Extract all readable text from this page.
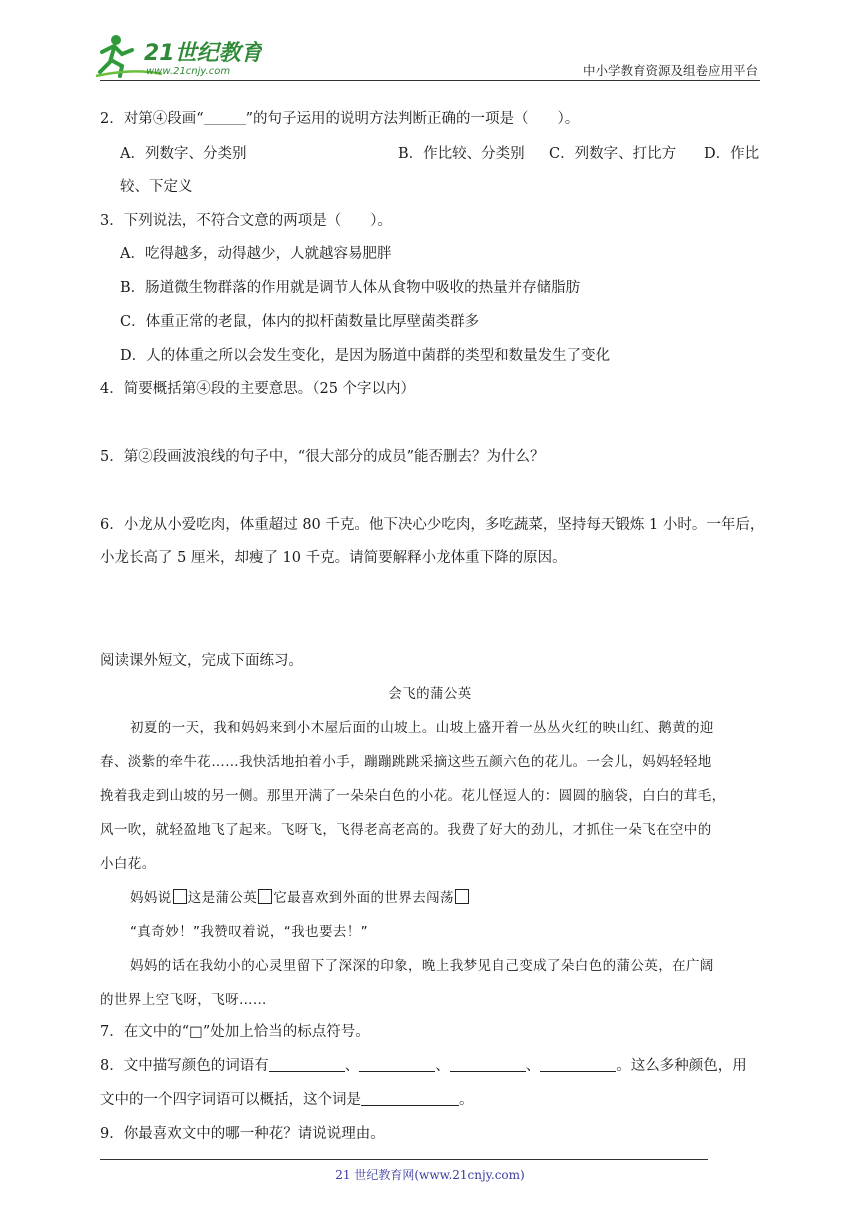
21世纪教育
www.21cnjy.com	中小学教育资源及组卷应用平台
2．对第④段画“	”的句子运用的说明方法判断正确的一项是（　　）。
A．列数字、分类别	B．作比较、分类别 C．列数字、打比方 D．作比
较、下定义
3．下列说法，不符合文意的两项是（　　）。
A．吃得越多，动得越少，人就越容易肥胖
B．肠道微生物群落的作用就是调节人体从食物中吸收的热量并存储脂肪
C．体重正常的老鼠，体内的拟杆菌数量比厚壁菌类群多
D．人的体重之所以会发生变化，是因为肠道中菌群的类型和数量发生了变化
4．简要概括第④段的主要意思。（25 个字以内）
5．第②段画波浪线的句子中，“很大部分的成员”能否删去？为什么？
6．小龙从小爱吃肉，体重超过 80 千克。他下决心少吃肉，多吃蔬菜，坚持每天锻炼 1 小时。一年后，
小龙长高了 5 厘米，却瘦了 10 千克。请简要解释小龙体重下降的原因。
阅读课外短文，完成下面练习。
会飞的蒲公英
初夏的一天，我和妈妈来到小木屋后面的山坡上。山坡上盛开着一丛丛火红的映山红、鹅黄的迎
春、淡紫的牵牛花……我快活地拍着小手，蹦蹦跳跳采摘这些五颜六色的花儿。一会儿，妈妈轻轻地
挽着我走到山坡的另一侧。那里开满了一朵朵白色的小花。花儿怪逗人的：圆圆的脑袋，白白的茸毛，
风一吹，就轻盈地飞了起来。飞呀飞，飞得老高老高的。我费了好大的劲儿，才抓住一朵飞在空中的
小白花。
妈妈说 这是蒲公英 它最喜欢到外面的世界去闯荡
“真奇妙！”我赞叹着说，“我也要去！”
妈妈的话在我幼小的心灵里留下了深深的印象，晚上我梦见自己变成了朵白色的蒲公英，在广阔
的世界上空飞呀，飞呀……
7．在文中的“□”处加上恰当的标点符号。
8．文中描写颜色的词语有	、	、	、	。这么多种颜色，用
文中的一个四字词语可以概括，这个词是	。
9．你最喜欢文中的哪一种花？请说说理由。
21 世纪教育网(www.21cnjy.com)
